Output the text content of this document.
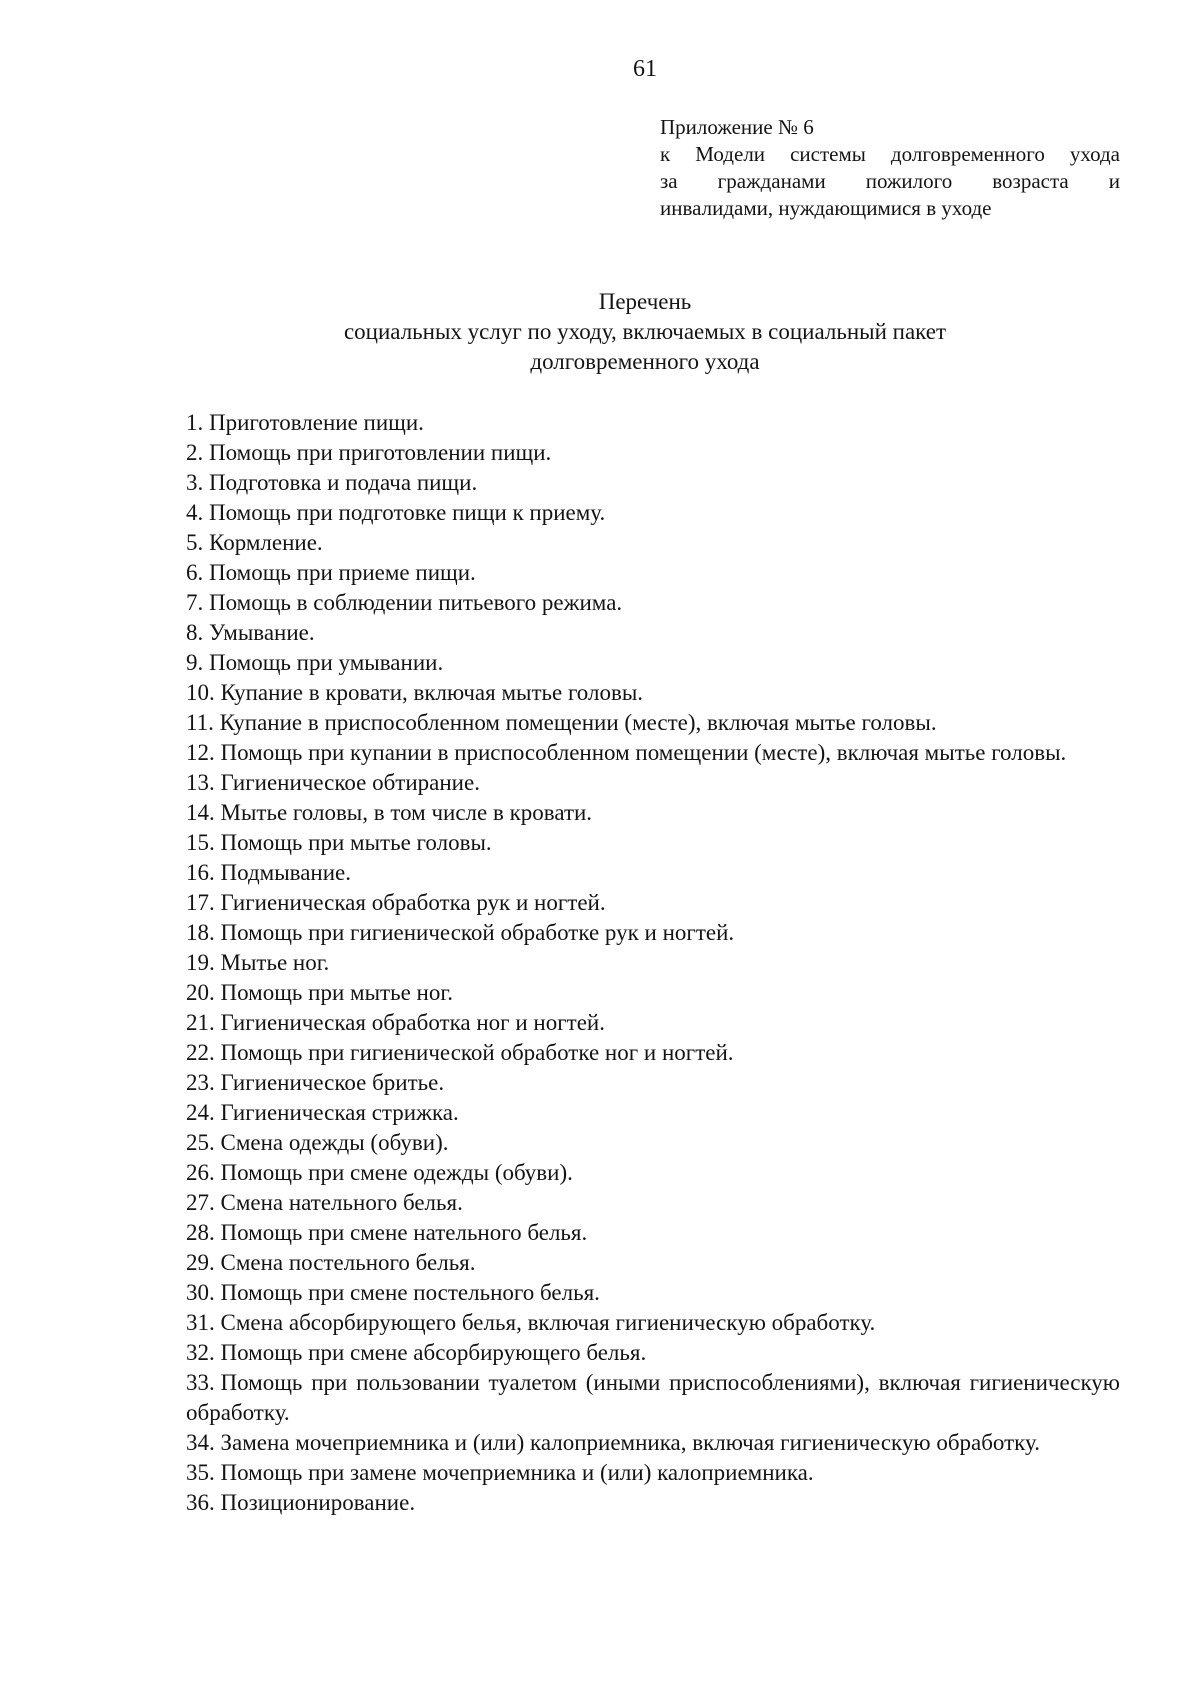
61
Приложение № 6
к Модели системы долговременного ухода
за гражданами пожилого возраста и
инвалидами, нуждающимися в уходе
Перечень
социальных услуг по уходу, включаемых в социальный пакет
долговременного ухода
1. Приготовление пищи.
2. Помощь при приготовлении пищи.
3. Подготовка и подача пищи.
4. Помощь при подготовке пищи к приему.
5. Кормление.
6. Помощь при приеме пищи.
7. Помощь в соблюдении питьевого режима.
8. Умывание.
9. Помощь при умывании.
10. Купание в кровати, включая мытье головы.
11. Купание в приспособленном помещении (месте), включая мытье головы.
12. Помощь при купании в приспособленном помещении (месте), включая мытье головы.
13. Гигиеническое обтирание.
14. Мытье головы, в том числе в кровати.
15. Помощь при мытье головы.
16. Подмывание.
17. Гигиеническая обработка рук и ногтей.
18. Помощь при гигиенической обработке рук и ногтей.
19. Мытье ног.
20. Помощь при мытье ног.
21. Гигиеническая обработка ног и ногтей.
22. Помощь при гигиенической обработке ног и ногтей.
23. Гигиеническое бритье.
24. Гигиеническая стрижка.
25. Смена одежды (обуви).
26. Помощь при смене одежды (обуви).
27. Смена нательного белья.
28. Помощь при смене нательного белья.
29. Смена постельного белья.
30. Помощь при смене постельного белья.
31. Смена абсорбирующего белья, включая гигиеническую обработку.
32. Помощь при смене абсорбирующего белья.
33. Помощь при пользовании туалетом (иными приспособлениями), включая гигиеническую обработку.
34. Замена мочеприемника и (или) калоприемника, включая гигиеническую обработку.
35. Помощь при замене мочеприемника и (или) калоприемника.
36. Позиционирование.
